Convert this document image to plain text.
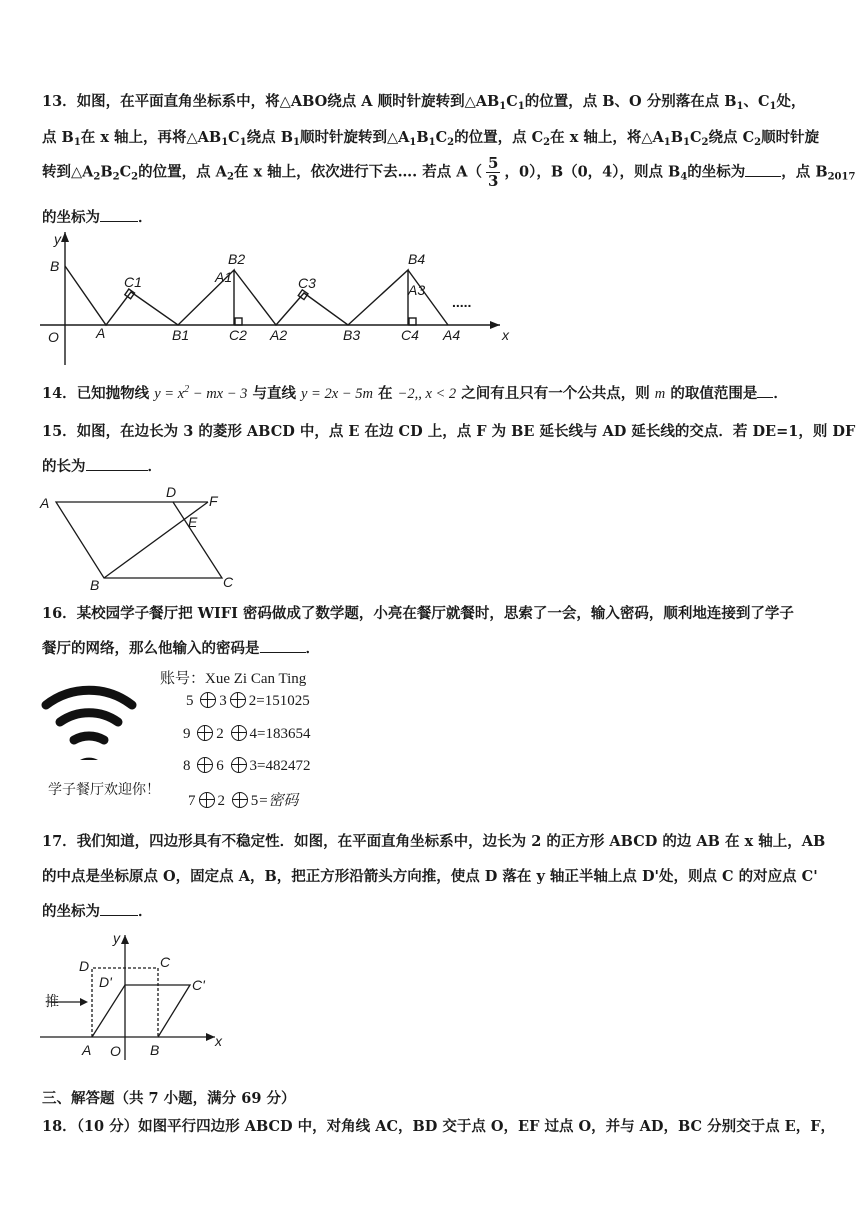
13．如图，在平面直角坐标系中，将△ABO绕点 A 顺时针旋转到$\triangle AB_1C_1$的位置，点 B、O 分别落在点 $B_1$、$C_1$处，
点 $B_1$在 x 轴上，再将$\triangle AB_1C_1$绕点 $B_1$顺时针旋转到$\triangle A_1B_1C_2$的位置，点 $C_2$在 x 轴上，将$\triangle A_1B_1C_2$绕点 $C_2$顺时针旋
转到$\triangle A_2B_2C_2$的位置，点 $A_2$在 x 轴上，依次进行下去…. 若点 $A( \frac{5}{3}$ ，0），B（0，4），则点 $B_4$的坐标为 ，点 $B_{2017}$
的坐标为	．
y
B
C1	A1
B2
C3
B4
A3
.....
O	A	B1	C2 A2	B3	C4 A4	x
14．已知抛物线 $y = x^2$ − mx − 3 与直线 y = 2x − 5m 在 −2,, x < 2 之间有且只有一个公共点，则 m 的取值范围是 ．
15．如图，在边长为 3 的菱形 ABCD 中，点 E 在边 CD 上，点 F 为 BE 延长线与 AD 延长线的交点．若 DE=1，则 DF
的长为	．
A
D
F
E
B	C
16．某校园学子餐厅把 WIFI 密码做成了数学题，小亮在餐厅就餐时，思索了一会，输入密码，顺利地连接到了学子
餐厅的网络，那么他输入的密码是	．
学子餐厅欢迎你！
账号：Xue Zi Can Ting
5 3 2=151025
9 2 4=183654
8 6 3=482472
7 2 5=密码
17．我们知道，四边形具有不稳定性．如图，在平面直角坐标系中，边长为 2 的正方形 ABCD 的边 AB 在 x 轴上，AB
的中点是坐标原点 O，固定点 A，B，把正方形沿箭头方向推，使点 D 落在 y 轴正半轴上点 D'处，则点 C 的对应点 C'
的坐标为	．
y
D	C
D'	C'
推
A O B
x
三、解答题（共 7 小题，满分 69 分）
18．（10 分）如图平行四边形 ABCD 中，对角线 AC，BD 交于点 O，EF 过点 O，并与 AD，BC 分别交于点 E，F，
